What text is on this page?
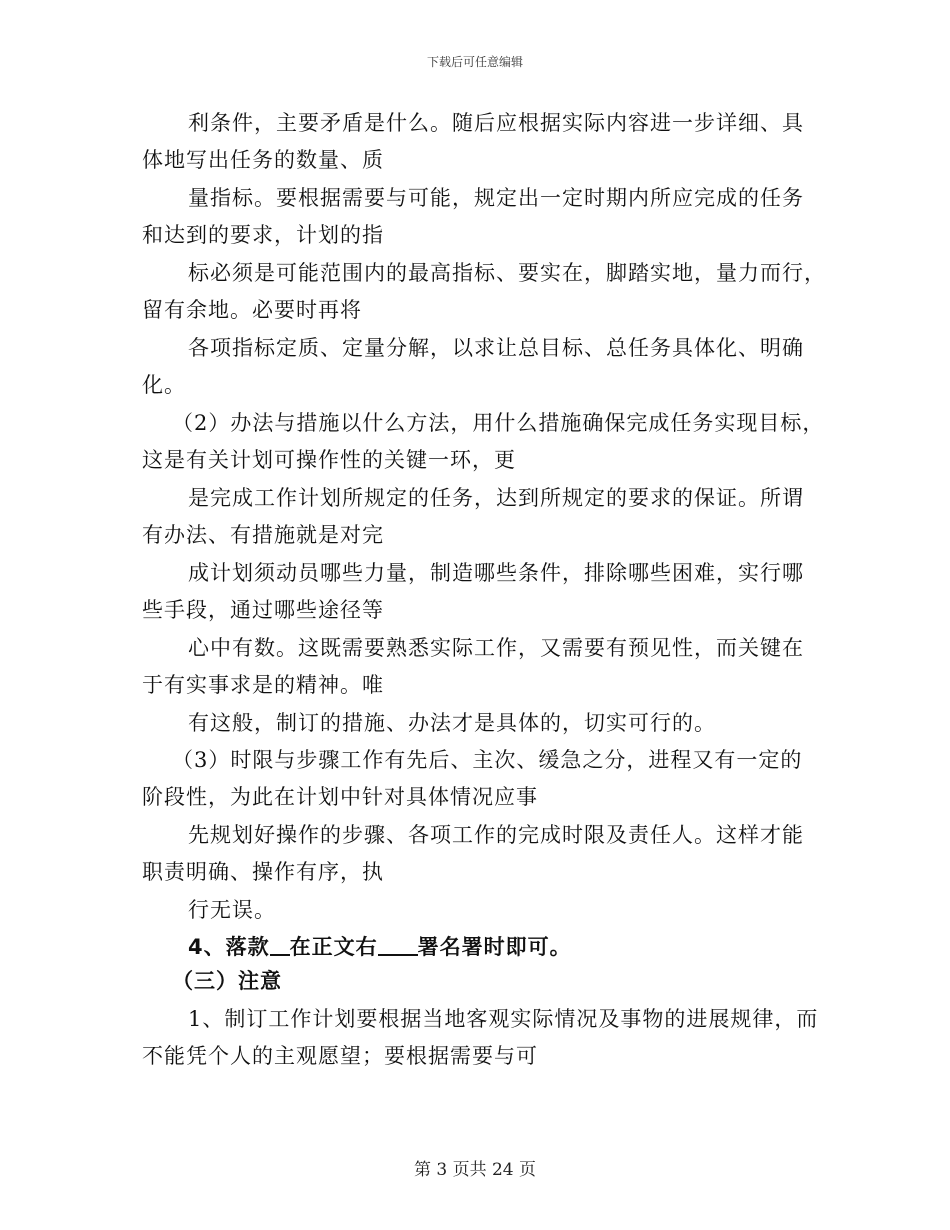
下载后可任意编辑
利条件，主要矛盾是什么。随后应根据实际内容进一步详细、具
体地写出任务的数量、质
量指标。要根据需要与可能，规定出一定时期内所应完成的任务
和达到的要求，计划的指
标必须是可能范围内的最高指标、要实在，脚踏实地，量力而行，
留有余地。必要时再将
各项指标定质、定量分解，以求让总目标、总任务具体化、明确
化。
（2）办法与措施以什么方法，用什么措施确保完成任务实现目标，
这是有关计划可操作性的关键一环，更
是完成工作计划所规定的任务，达到所规定的要求的保证。所谓
有办法、有措施就是对完
成计划须动员哪些力量，制造哪些条件，排除哪些困难，实行哪
些手段，通过哪些途径等
心中有数。这既需要熟悉实际工作，又需要有预见性，而关键在
于有实事求是的精神。唯
有这般，制订的措施、办法才是具体的，切实可行的。
（3）时限与步骤工作有先后、主次、缓急之分，进程又有一定的
阶段性，为此在计划中针对具体情况应事
先规划好操作的步骤、各项工作的完成时限及责任人。这样才能
职责明确、操作有序，执
行无误。
4、落款 在正文右 署名署时即可。
（三）注意
1、制订工作计划要根据当地客观实际情况及事物的进展规律，而
不能凭个人的主观愿望；要根据需要与可
第 3 页共 24 页
